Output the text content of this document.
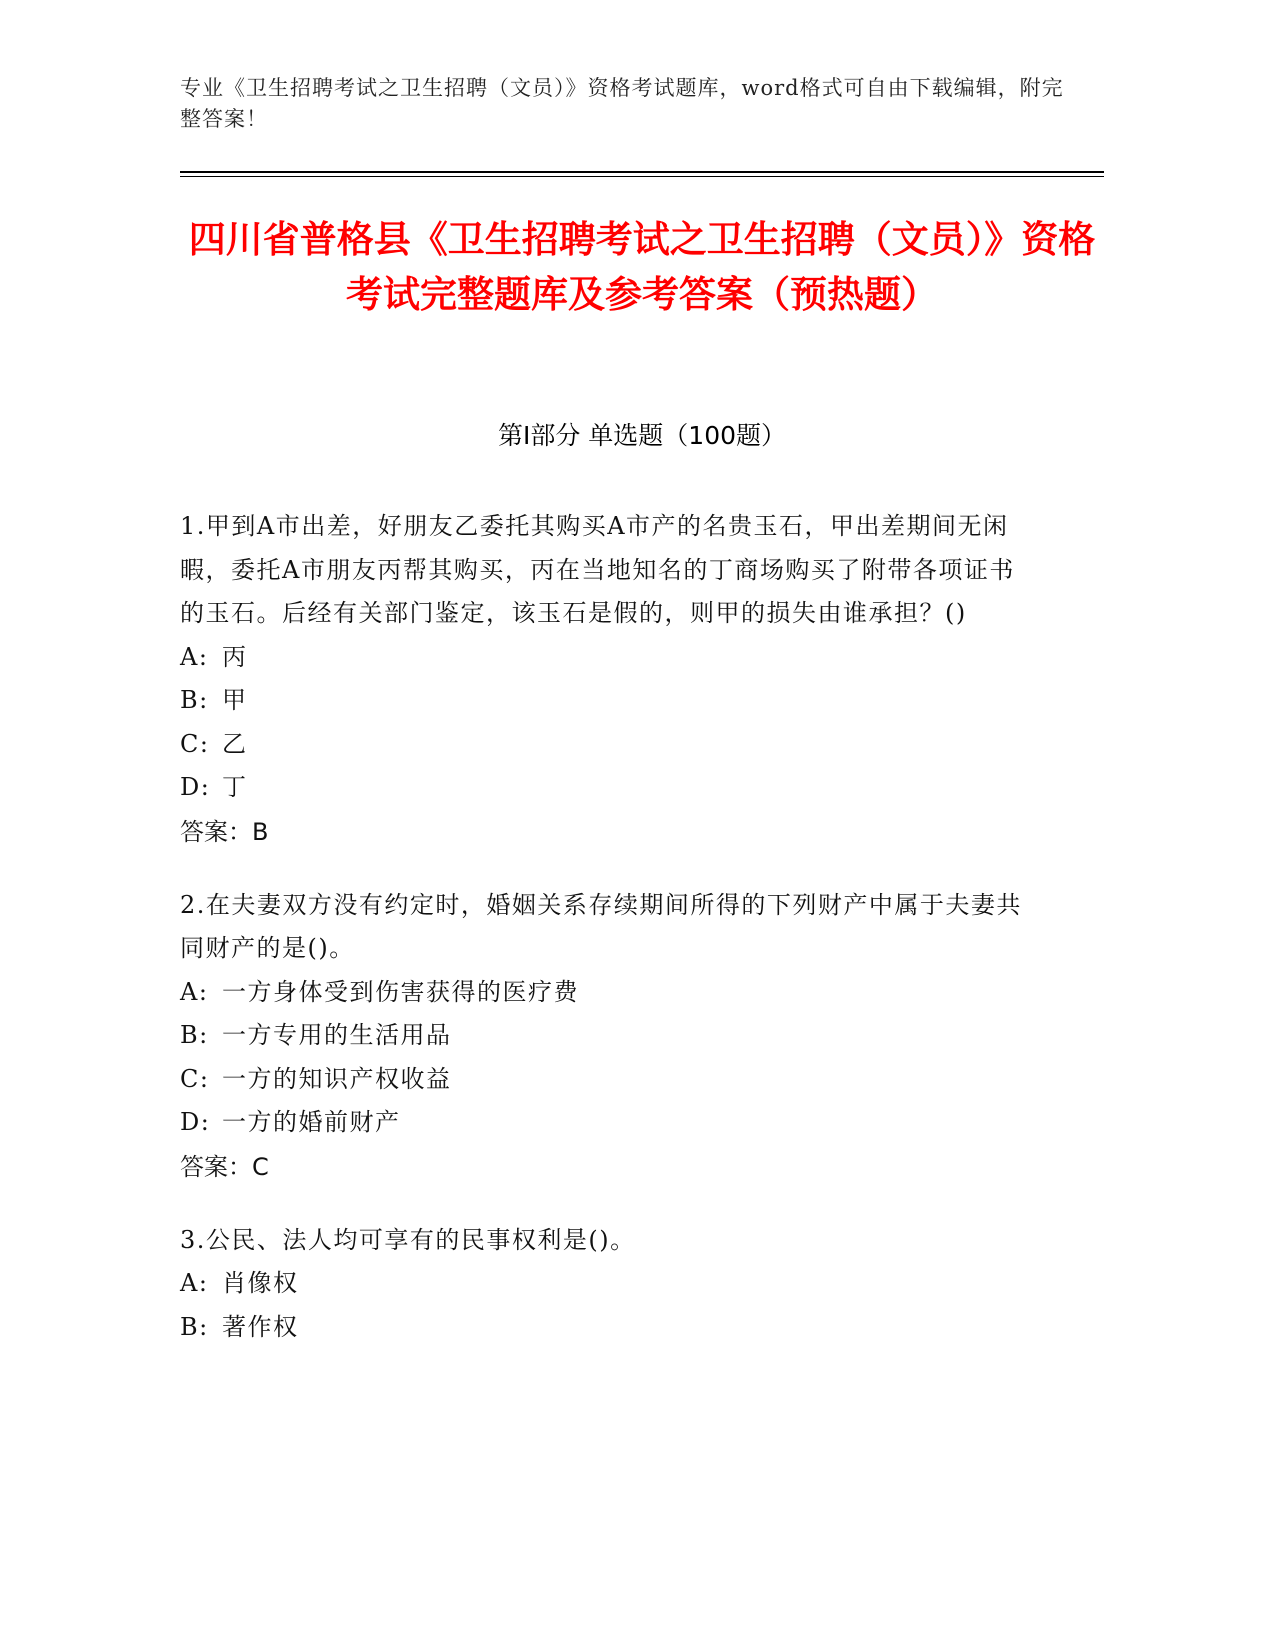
专业《卫生招聘考试之卫生招聘（文员）》资格考试题库，word格式可自由下载编辑，附完整答案！
四川省普格县《卫生招聘考试之卫生招聘（文员）》资格考试完整题库及参考答案（预热题）
第Ⅰ部分 单选题（100题）

1.甲到A市出差，好朋友乙委托其购买A市产的名贵玉石，甲出差期间无闲暇，委托A市朋友丙帮其购买，丙在当地知名的丁商场购买了附带各项证书的玉石。后经有关部门鉴定，该玉石是假的，则甲的损失由谁承担？()

A: 丙

B: 甲

C: 乙

D: 丁

答案：B

2.在夫妻双方没有约定时，婚姻关系存续期间所得的下列财产中属于夫妻共同财产的是()。

A: 一方身体受到伤害获得的医疗费

B: 一方专用的生活用品

C: 一方的知识产权收益

D: 一方的婚前财产

答案：C

3.公民、法人均可享有的民事权利是()。

A: 肖像权

B: 著作权
